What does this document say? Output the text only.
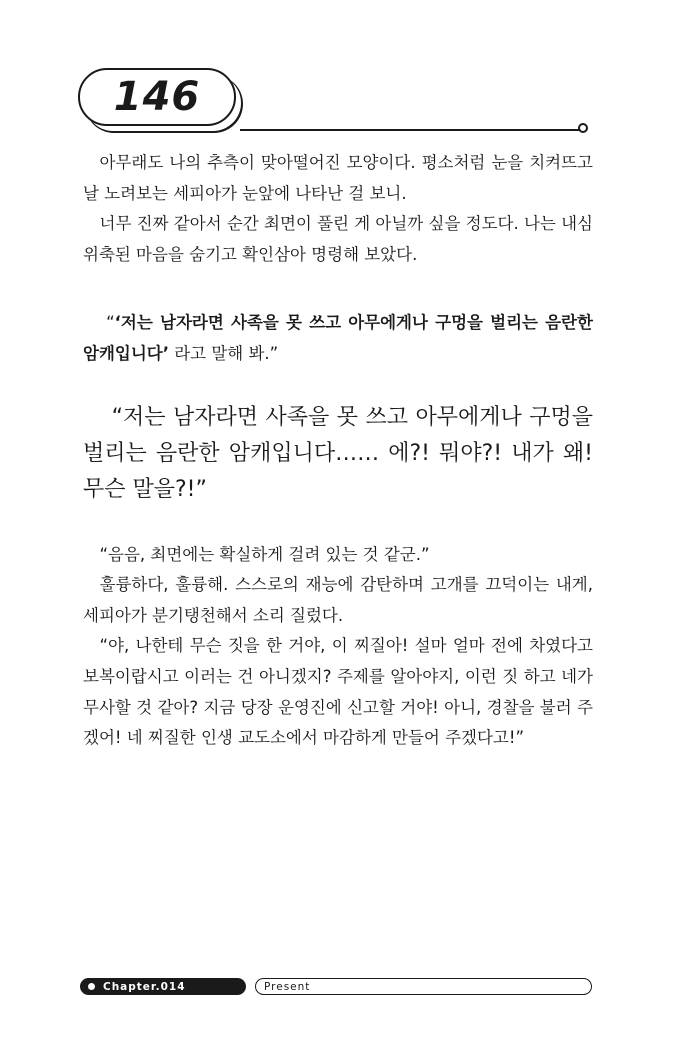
146

아무래도 나의 추측이 맞아떨어진 모양이다. 평소처럼 눈을 치켜뜨고 날 노려보는 세피아가 눈앞에 나타난 걸 보니.

너무 진짜 같아서 순간 최면이 풀린 게 아닐까 싶을 정도다. 나는 내심 위축된 마음을 숨기고 확인삼아 명령해 보았다.

“‘저는 남자라면 사족을 못 쓰고 아무에게나 구멍을 벌리는 음란한 암캐입니다’ 라고 말해 봐.”

“저는 남자라면 사족을 못 쓰고 아무에게나 구멍을 벌리는 음란한 암캐입니다…… 에?! 뭐야?! 내가 왜! 무슨 말을?!”

“음음, 최면에는 확실하게 걸려 있는 것 같군.”

훌륭하다, 훌륭해. 스스로의 재능에 감탄하며 고개를 끄덕이는 내게, 세피아가 분기탱천해서 소리 질렀다.

“야, 나한테 무슨 짓을 한 거야, 이 찌질아! 설마 얼마 전에 차였다고 보복이랍시고 이러는 건 아니겠지? 주제를 알아야지, 이런 짓 하고 네가 무사할 것 같아? 지금 당장 운영진에 신고할 거야! 아니, 경찰을 불러 주겠어! 네 찌질한 인생 교도소에서 마감하게 만들어 주겠다고!”

Chapter.014	Present
